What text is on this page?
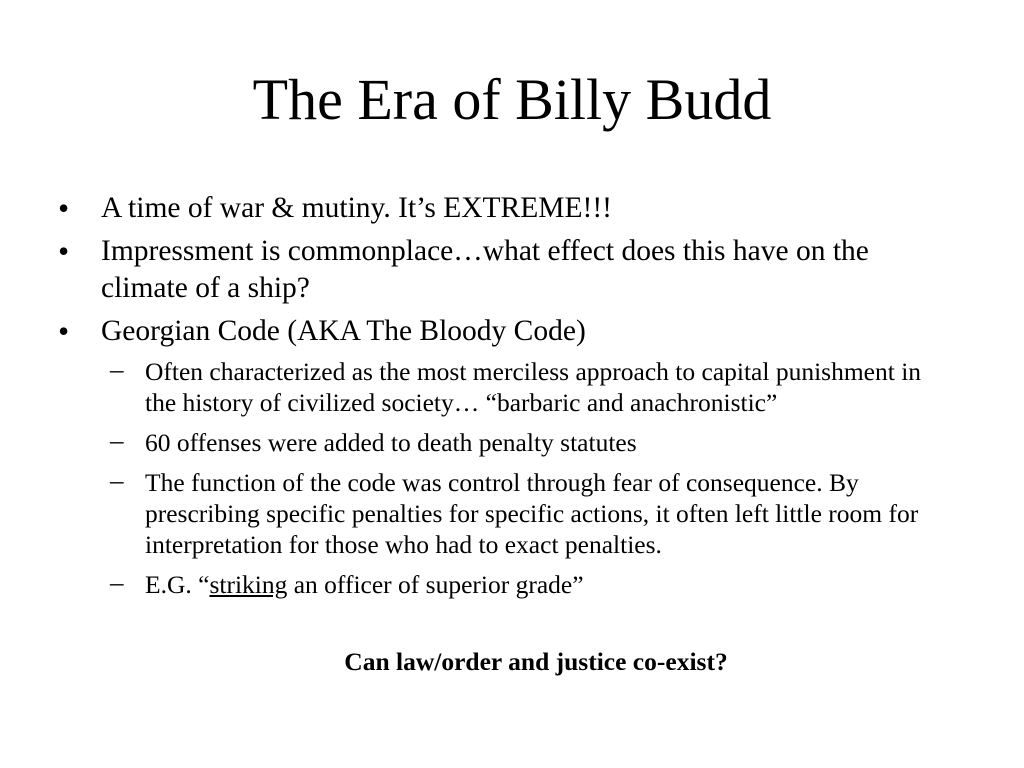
The Era of Billy Budd
• A time of war & mutiny. It’s EXTREME!!!
• Impressment is commonplace…what effect does this have on the climate of a ship?
• Georgian Code (AKA The Bloody Code)
– Often characterized as the most merciless approach to capital punishment in the history of civilized society… “barbaric and anachronistic”
– 60 offenses were added to death penalty statutes
– The function of the code was control through fear of consequence. By prescribing specific penalties for specific actions, it often left little room for interpretation for those who had to exact penalties.
– E.G. “striking an officer of superior grade”
Can law/order and justice co-exist?
